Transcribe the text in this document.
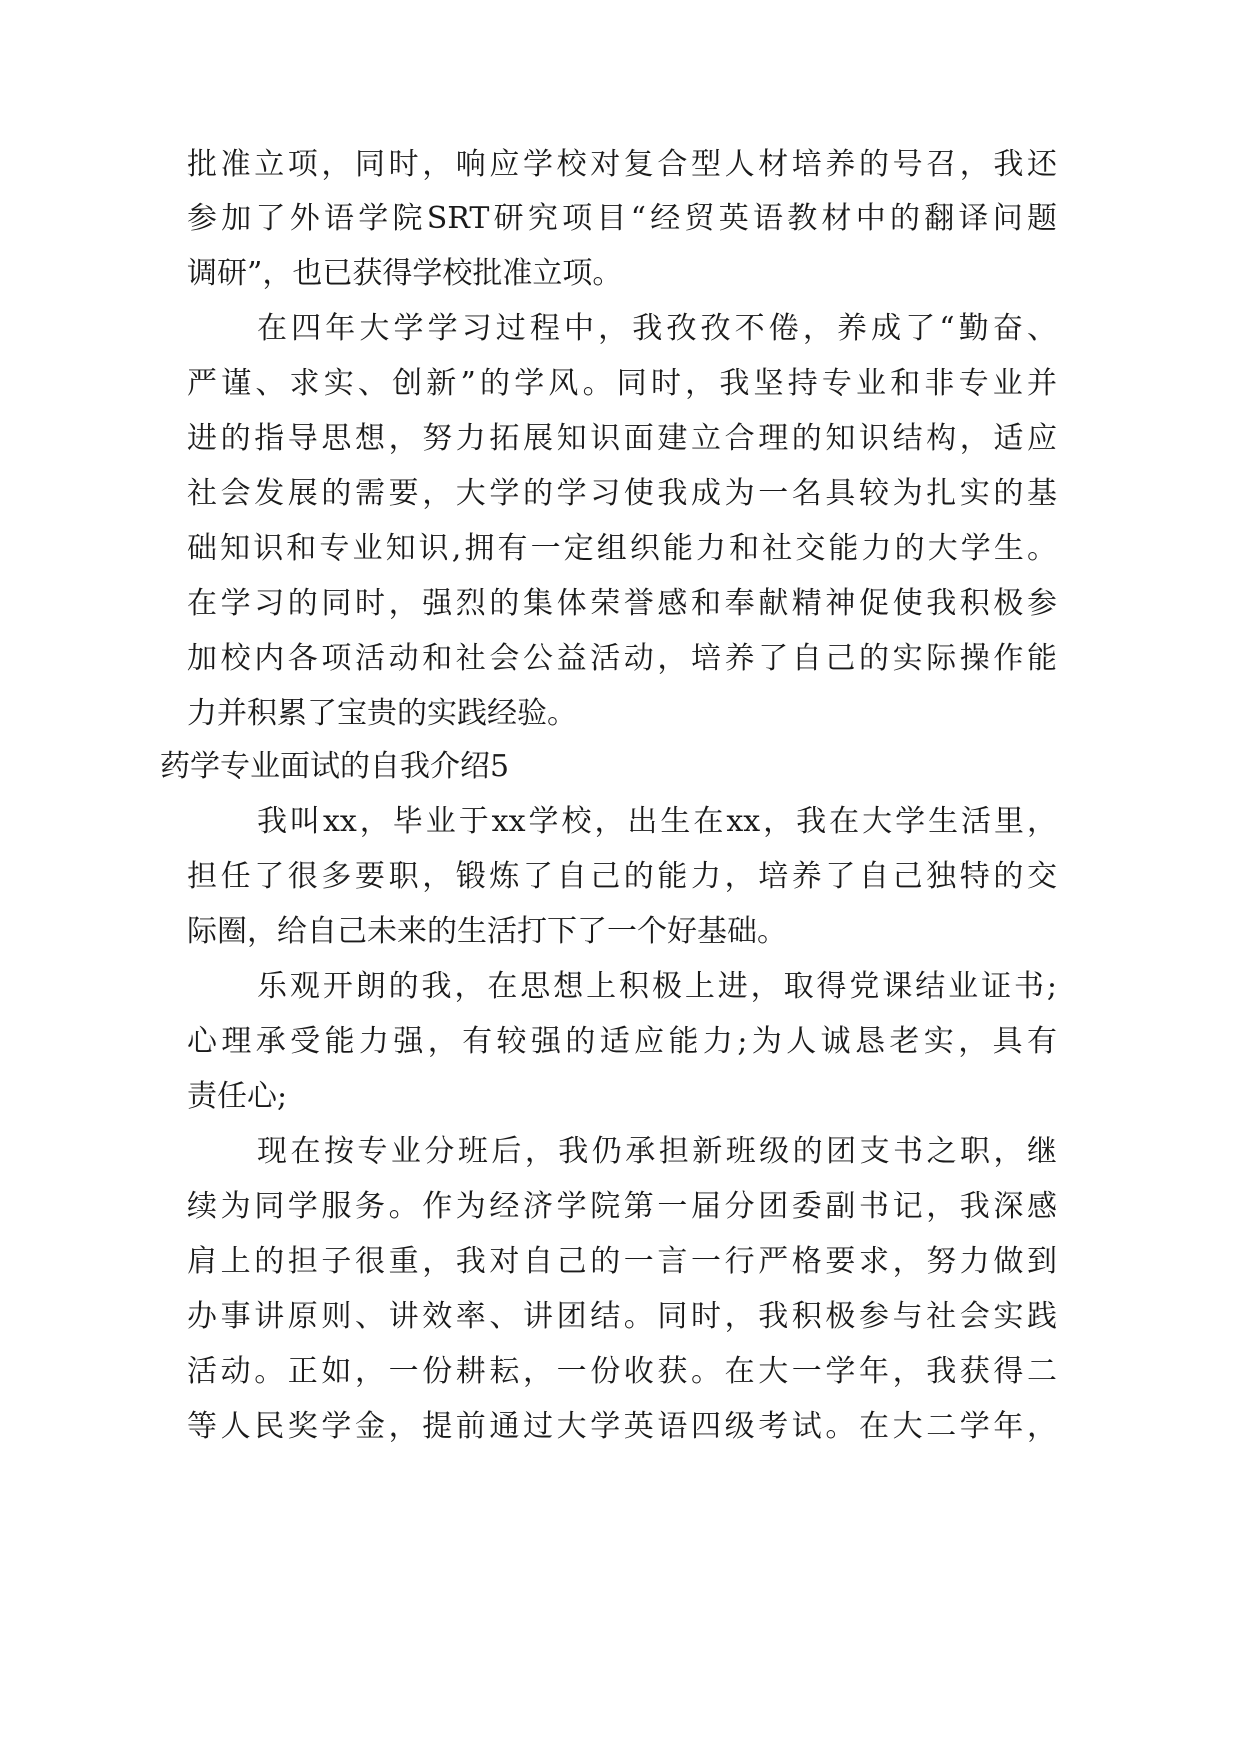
批准立项，同时，响应学校对复合型人材培养的号召，我还
参加了外语学院SRT研究项目“经贸英语教材中的翻译问题
调研”，也已获得学校批准立项。
在四年大学学习过程中，我孜孜不倦，养成了“勤奋、
严谨、求实、创新”的学风。同时，我坚持专业和非专业并
进的指导思想，努力拓展知识面建立合理的知识结构，适应
社会发展的需要，大学的学习使我成为一名具较为扎实的基
础知识和专业知识,拥有一定组织能力和社交能力的大学生。
在学习的同时，强烈的集体荣誉感和奉献精神促使我积极参
加校内各项活动和社会公益活动，培养了自己的实际操作能
力并积累了宝贵的实践经验。
药学专业面试的自我介绍5
我叫xx，毕业于xx学校，出生在xx，我在大学生活里，
担任了很多要职，锻炼了自己的能力，培养了自己独特的交
际圈，给自己未来的生活打下了一个好基础。
乐观开朗的我，在思想上积极上进，取得党课结业证书;
心理承受能力强，有较强的适应能力;为人诚恳老实，具有
责任心;
现在按专业分班后，我仍承担新班级的团支书之职，继
续为同学服务。作为经济学院第一届分团委副书记，我深感
肩上的担子很重，我对自己的一言一行严格要求，努力做到
办事讲原则、讲效率、讲团结。同时，我积极参与社会实践
活动。正如，一份耕耘，一份收获。在大一学年，我获得二
等人民奖学金，提前通过大学英语四级考试。在大二学年，
